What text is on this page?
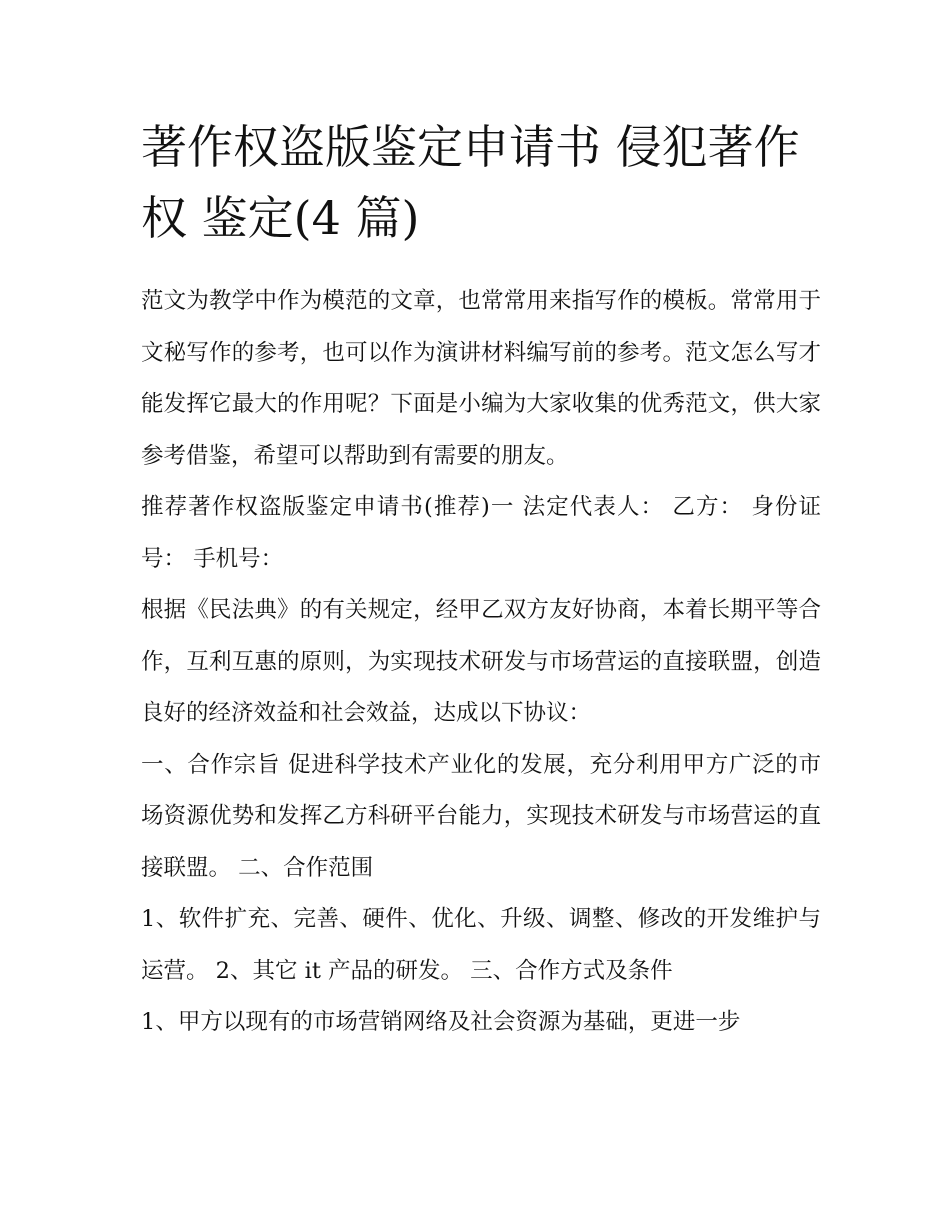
著作权盗版鉴定申请书 侵犯著作权 鉴定(4 篇)

范文为教学中作为模范的文章，也常常用来指写作的模板。常常用于文秘写作的参考，也可以作为演讲材料编写前的参考。范文怎么写才能发挥它最大的作用呢？下面是小编为大家收集的优秀范文，供大家参考借鉴，希望可以帮助到有需要的朋友。

推荐著作权盗版鉴定申请书(推荐)一 法定代表人： 乙方： 身份证号： 手机号：

根据《民法典》的有关规定，经甲乙双方友好协商，本着长期平等合作，互利互惠的原则，为实现技术研发与市场营运的直接联盟，创造良好的经济效益和社会效益，达成以下协议：

一、合作宗旨 促进科学技术产业化的发展，充分利用甲方广泛的市场资源优势和发挥乙方科研平台能力，实现技术研发与市场营运的直接联盟。 二、合作范围

1、软件扩充、完善、硬件、优化、升级、调整、修改的开发维护与运营。 2、其它 it 产品的研发。 三、合作方式及条件

1、甲方以现有的市场营销网络及社会资源为基础，更进一步
